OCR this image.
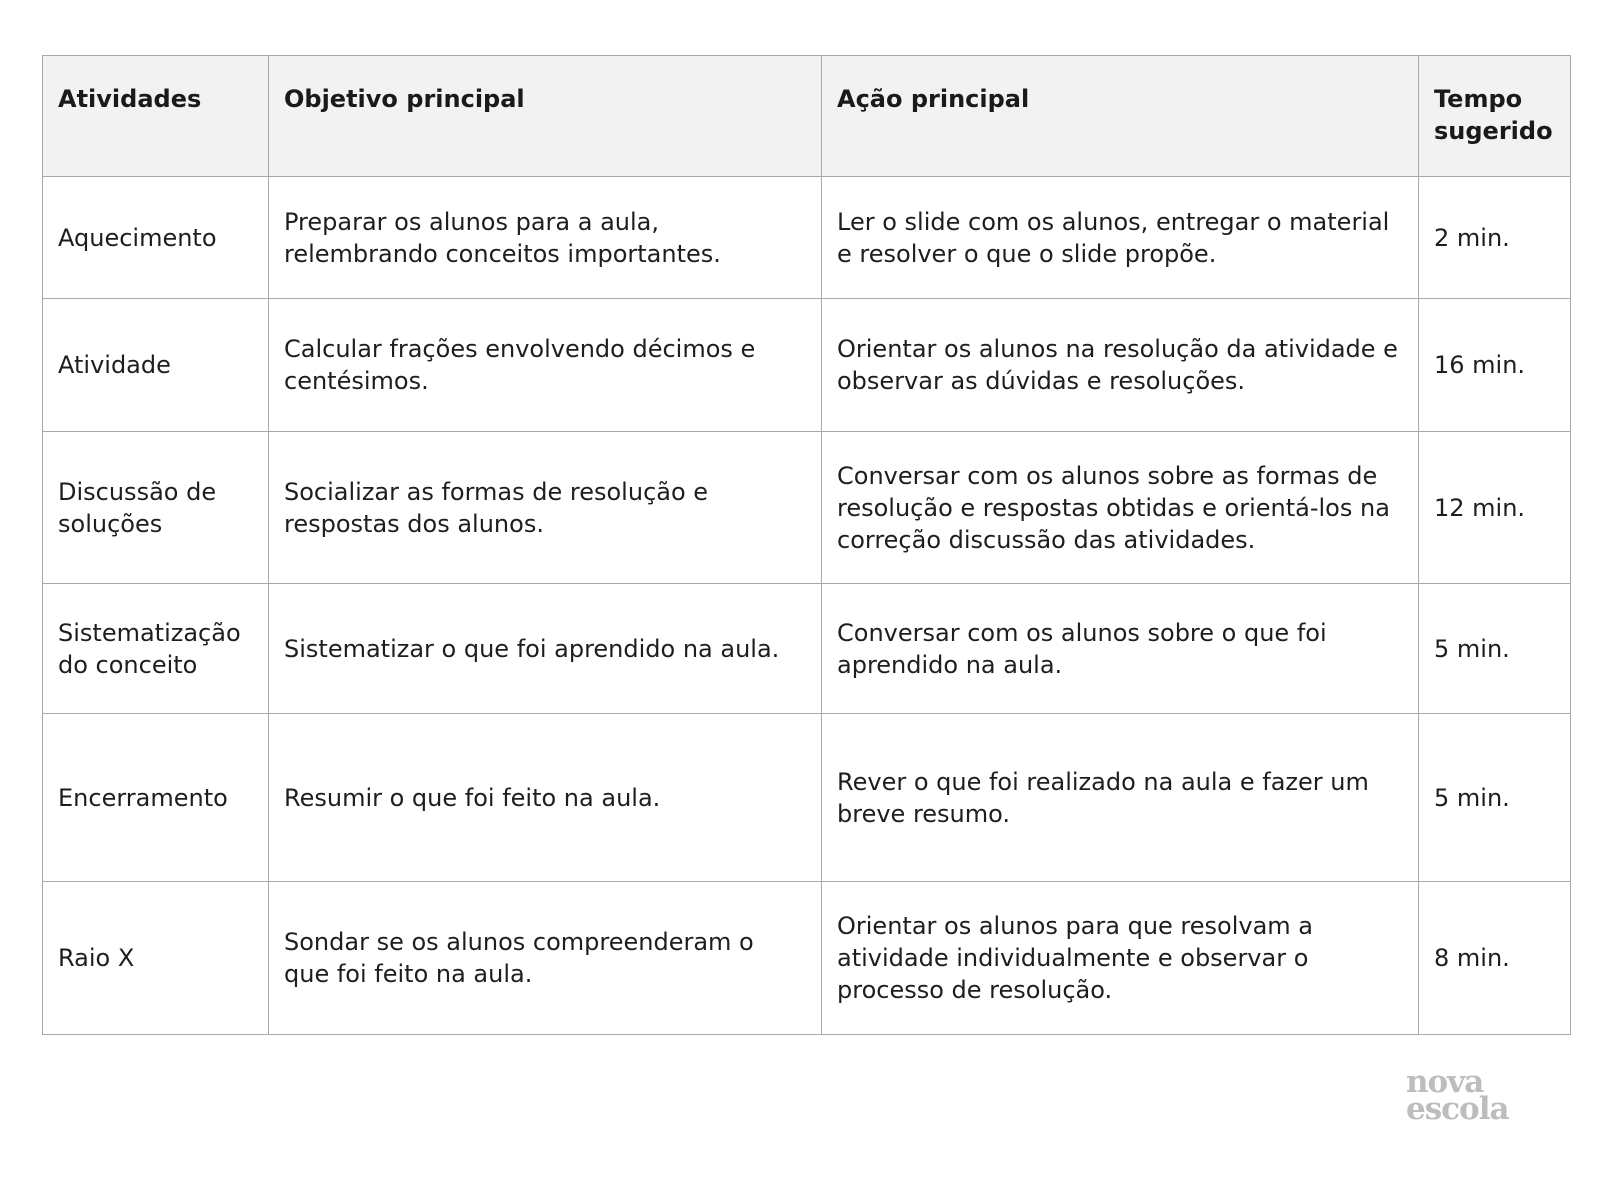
Atividades	Objetivo principal	Ação principal	Tempo sugerido
Aquecimento	Preparar os alunos para a aula, relembrando conceitos importantes.	Ler o slide com os alunos, entregar o material e resolver o que o slide propõe.	2 min.
Atividade	Calcular frações envolvendo décimos e centésimos.	Orientar os alunos na resolução da atividade e observar as dúvidas e resoluções.	16 min.
Discussão de soluções	Socializar as formas de resolução e respostas dos alunos.	Conversar com os alunos sobre as formas de resolução e respostas obtidas e orientá-los na correção discussão das atividades.	12 min.
Sistematização do conceito	Sistematizar o que foi aprendido na aula.	Conversar com os alunos sobre o que foi aprendido na aula.	5 min.
Encerramento	Resumir o que foi feito na aula.	Rever o que foi realizado na aula e fazer um breve resumo.	5 min.
Raio X	Sondar se os alunos compreenderam o que foi feito na aula.	Orientar os alunos para que resolvam a atividade individualmente e observar o processo de resolução.	8 min.
nova
escola
